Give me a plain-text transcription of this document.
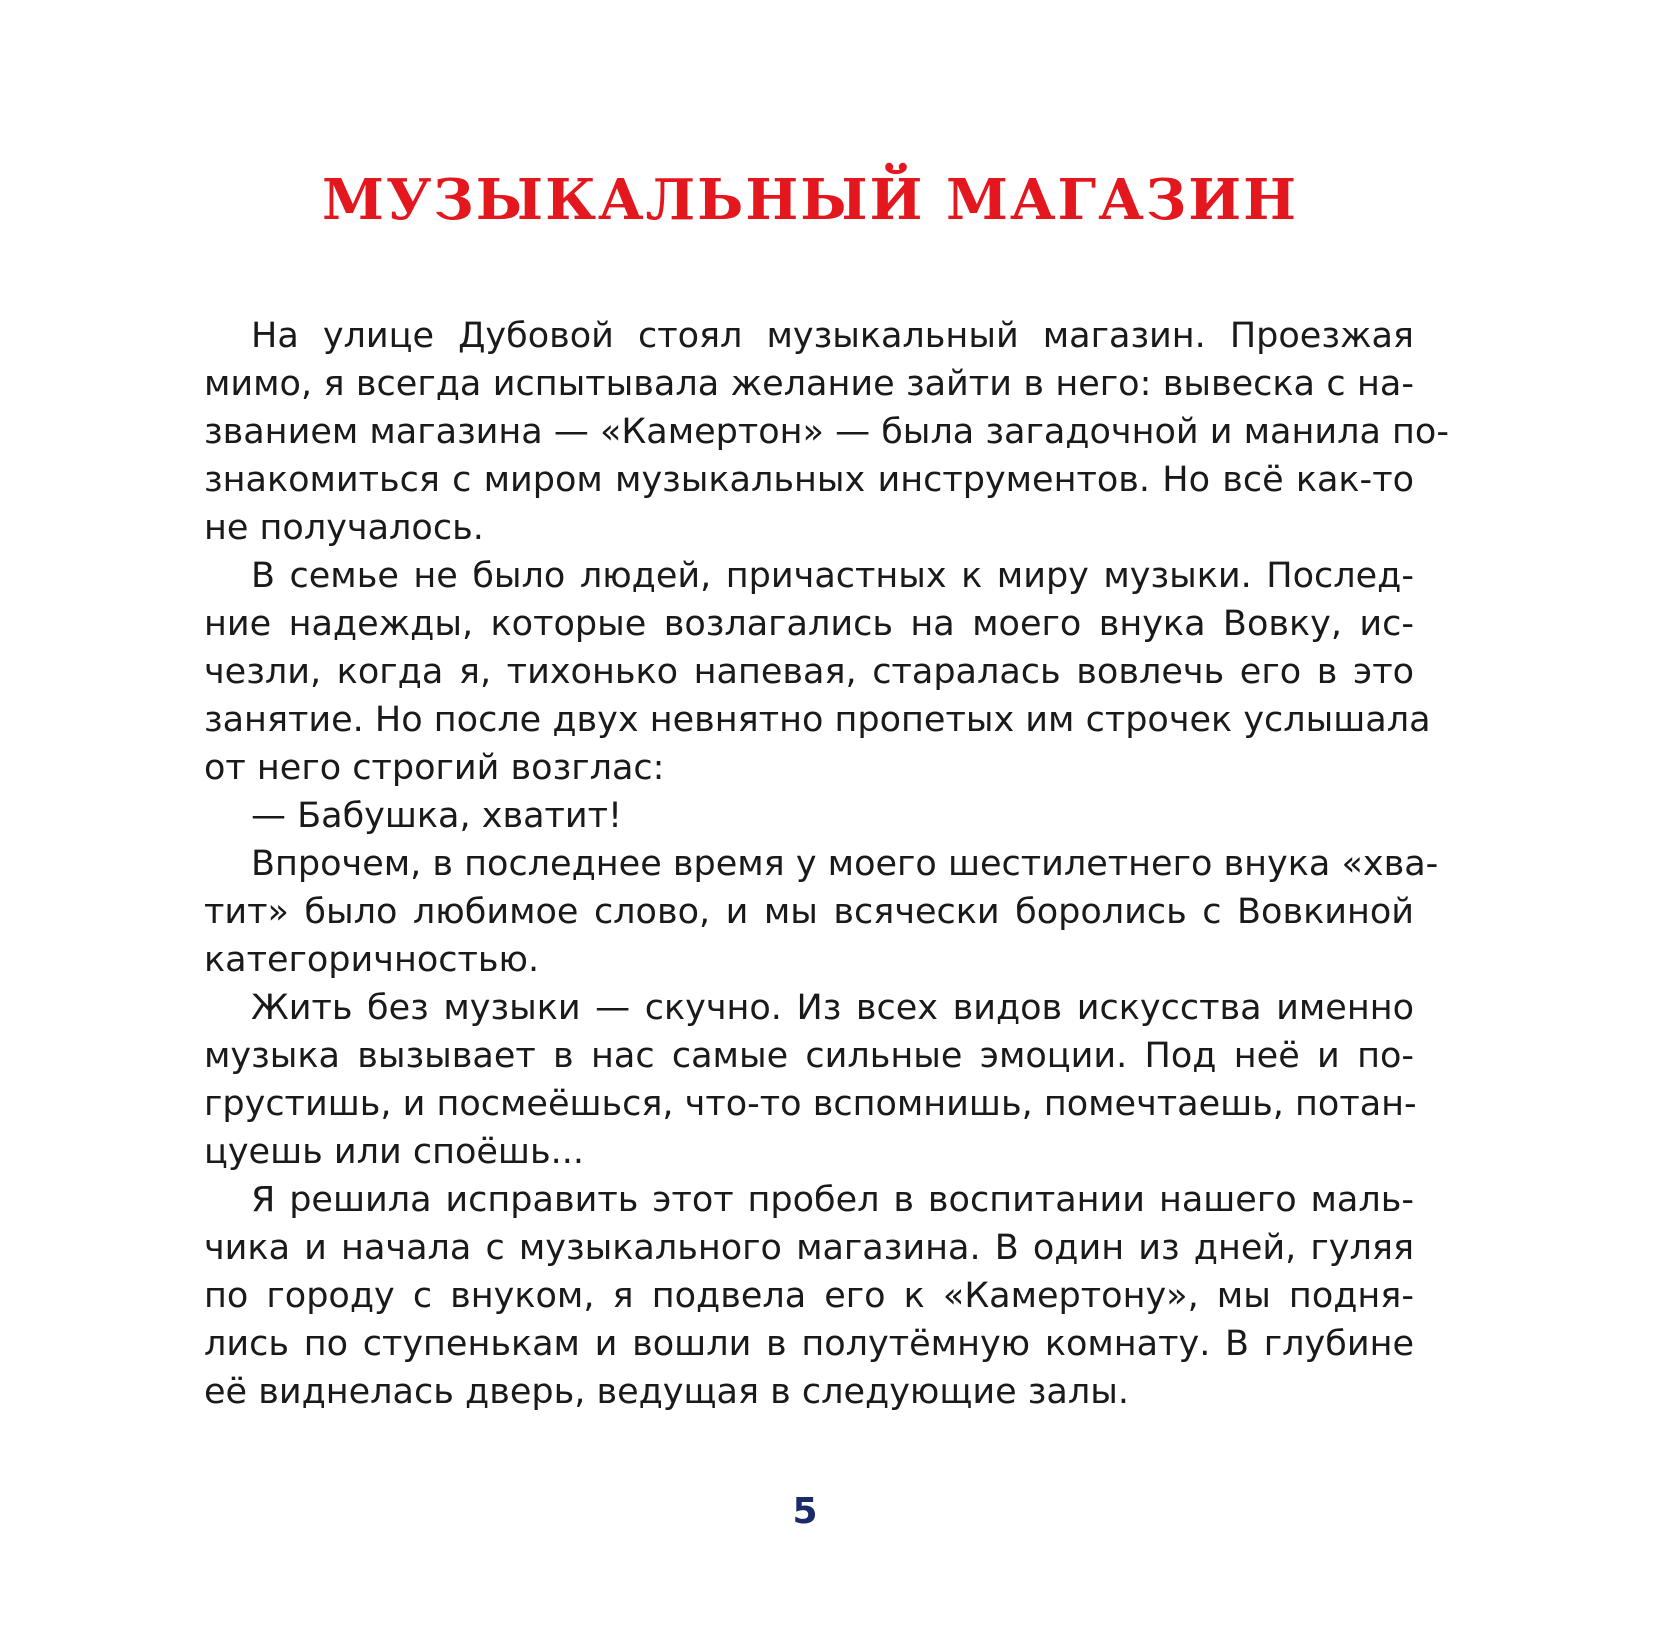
МУЗЫКАЛЬНЫЙ МАГАЗИН
На улице Дубовой стоял музыкальный магазин. Проезжая
мимо, я всегда испытывала желание зайти в него: вывеска с на-
званием магазина — «Камертон» — была загадочной и манила по-
знакомиться с миром музыкальных инструментов. Но всё как-то
не получалось.
В семье не было людей, причастных к миру музыки. Послед-
ние надежды, которые возлагались на моего внука Вовку, ис-
чезли, когда я, тихонько напевая, старалась вовлечь его в это
занятие. Но после двух невнятно пропетых им строчек услышала
от него строгий возглас:
— Бабушка, хватит!
Впрочем, в последнее время у моего шестилетнего внука «хва-
тит» было любимое слово, и мы всячески боролись с Вовкиной
категоричностью.
Жить без музыки — скучно. Из всех видов искусства именно
музыка вызывает в нас самые сильные эмоции. Под неё и по-
грустишь, и посмеёшься, что-то вспомнишь, помечтаешь, потан-
цуешь или споёшь...
Я решила исправить этот пробел в воспитании нашего маль-
чика и начала с музыкального магазина. В один из дней, гуляя
по городу с внуком, я подвела его к «Камертону», мы подня-
лись по ступенькам и вошли в полутёмную комнату. В глубине
её виднелась дверь, ведущая в следующие залы.
5
